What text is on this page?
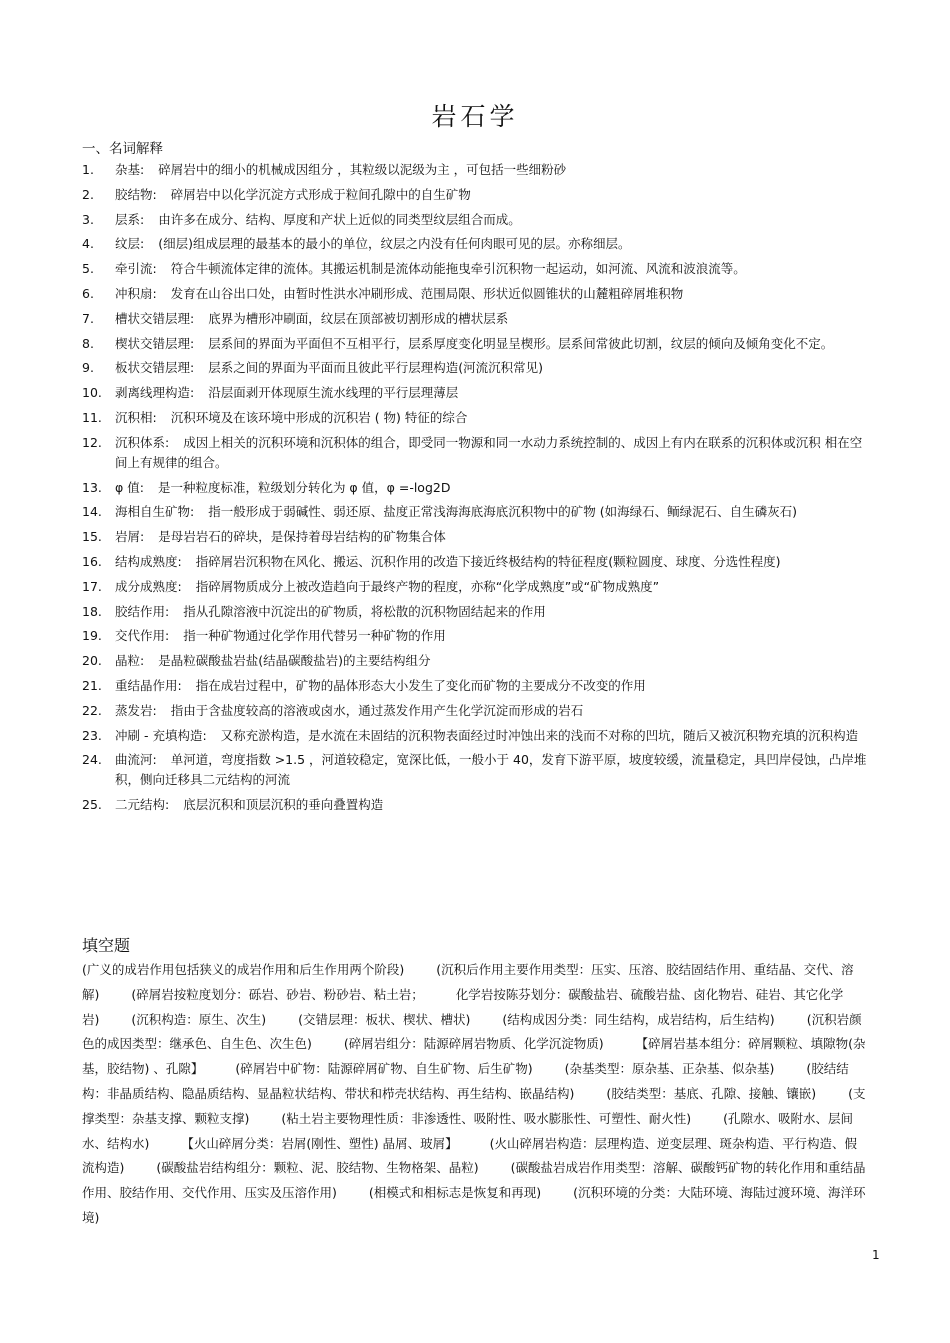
岩石学
一、名词解释
1.	杂基: 碎屑岩中的细小的机械成因组分 ，其粒级以泥级为主 ，可包括一些细粉砂
2.	胶结物: 碎屑岩中以化学沉淀方式形成于粒间孔隙中的自生矿物
3.	层系: 由许多在成分、结构、厚度和产状上近似的同类型纹层组合而成。
4.	纹层: (细层)组成层理的最基本的最小的单位，纹层之内没有任何肉眼可见的层。亦称细层。
5.	牵引流: 符合牛顿流体定律的流体。其搬运机制是流体动能拖曳牵引沉积物一起运动，如河流、风流和波浪流等。
6.	冲积扇: 发育在山谷出口处，由暂时性洪水冲刷形成、范围局限、形状近似圆锥状的山麓粗碎屑堆积物
7.	槽状交错层理: 底界为槽形冲刷面，纹层在顶部被切割形成的槽状层系
8.	楔状交错层理: 层系间的界面为平面但不互相平行，层系厚度变化明显呈楔形。层系间常彼此切割，纹层的倾向及倾角变化不定。
9.	板状交错层理: 层系之间的界面为平面而且彼此平行层理构造(河流沉积常见)
10.	剥离线理构造: 沿层面剥开体现原生流水线理的平行层理薄层
11.	沉积相: 沉积环境及在该环境中形成的沉积岩 ( 物) 特征的综合
12.	沉积体系: 成因上相关的沉积环境和沉积体的组合，即受同一物源和同一水动力系统控制的、成因上有内在联系的沉积体或沉积 相在空间上有规律的组合。
13.	φ 值: 是一种粒度标准，粒级划分转化为 φ 值，φ =-log2D
14.	海相自生矿物: 指一般形成于弱碱性、弱还原、盐度正常浅海海底海底沉积物中的矿物 (如海绿石、鲕绿泥石、自生磷灰石)
15.	岩屑: 是母岩岩石的碎块，是保持着母岩结构的矿物集合体
16.	结构成熟度: 指碎屑岩沉积物在风化、搬运、沉积作用的改造下接近终极结构的特征程度(颗粒圆度、球度、分选性程度)
17.	成分成熟度: 指碎屑物质成分上被改造趋向于最终产物的程度，亦称“化学成熟度”或“矿物成熟度”
18.	胶结作用: 指从孔隙溶液中沉淀出的矿物质，将松散的沉积物固结起来的作用
19.	交代作用: 指一种矿物通过化学作用代替另一种矿物的作用
20.	晶粒: 是晶粒碳酸盐岩盐(结晶碳酸盐岩)的主要结构组分
21.	重结晶作用: 指在成岩过程中，矿物的晶体形态大小发生了变化而矿物的主要成分不改变的作用
22.	蒸发岩: 指由于含盐度较高的溶液或卤水，通过蒸发作用产生化学沉淀而形成的岩石
23.	冲刷 - 充填构造: 又称充淤构造，是水流在未固结的沉积物表面经过时冲蚀出来的浅而不对称的凹坑，随后又被沉积物充填的沉积构造
24.	曲流河: 单河道，弯度指数 >1.5 ，河道较稳定，宽深比低，一般小于 40，发育下游平原，坡度较缓，流量稳定，具凹岸侵蚀，凸岸堆积，侧向迁移具二元结构的河流
25.	二元结构: 底层沉积和顶层沉积的垂向叠置构造
填空题
(广义的成岩作用包括狭义的成岩作用和后生作用两个阶段)	(沉积后作用主要作用类型：压实、压溶、胶结固结作用、重结晶、交代、溶解)	(碎屑岩按粒度划分：砾岩、砂岩、粉砂岩、粘土岩；	化学岩按陈芬划分：碳酸盐岩、硫酸岩盐、卤化物岩、硅岩、其它化学岩)	(沉积构造：原生、次生)	(交错层理：板状、楔状、槽状)	(结构成因分类：同生结构，成岩结构，后生结构)	(沉积岩颜色的成因类型：继承色、自生色、次生色)	(碎屑岩组分：陆源碎屑岩物质、化学沉淀物质)	【碎屑岩基本组分：碎屑颗粒、填隙物(杂基，胶结物) 、孔隙】	(碎屑岩中矿物：陆源碎屑矿物、自生矿物、后生矿物)	(杂基类型：原杂基、正杂基、似杂基)	(胶结结构：非晶质结构、隐晶质结构、显晶粒状结构、带状和栉壳状结构、再生结构、嵌晶结构)	(胶结类型：基底、孔隙、接触、镶嵌)	(支撑类型：杂基支撑、颗粒支撑)	(粘土岩主要物理性质：非渗透性、吸附性、吸水膨胀性、可塑性、耐火性)	(孔隙水、吸附水、层间水、结构水)	【火山碎屑分类：岩屑(刚性、塑性) 晶屑、玻屑】	(火山碎屑岩构造：层理构造、逆变层理、斑杂构造、平行构造、假流构造)	(碳酸盐岩结构组分：颗粒、泥、胶结物、生物格架、晶粒)	(碳酸盐岩成岩作用类型：溶解、碳酸钙矿物的转化作用和重结晶作用、胶结作用、交代作用、压实及压溶作用)	(相模式和相标志是恢复和再现)	(沉积环境的分类：大陆环境、海陆过渡环境、海洋环境)
1
